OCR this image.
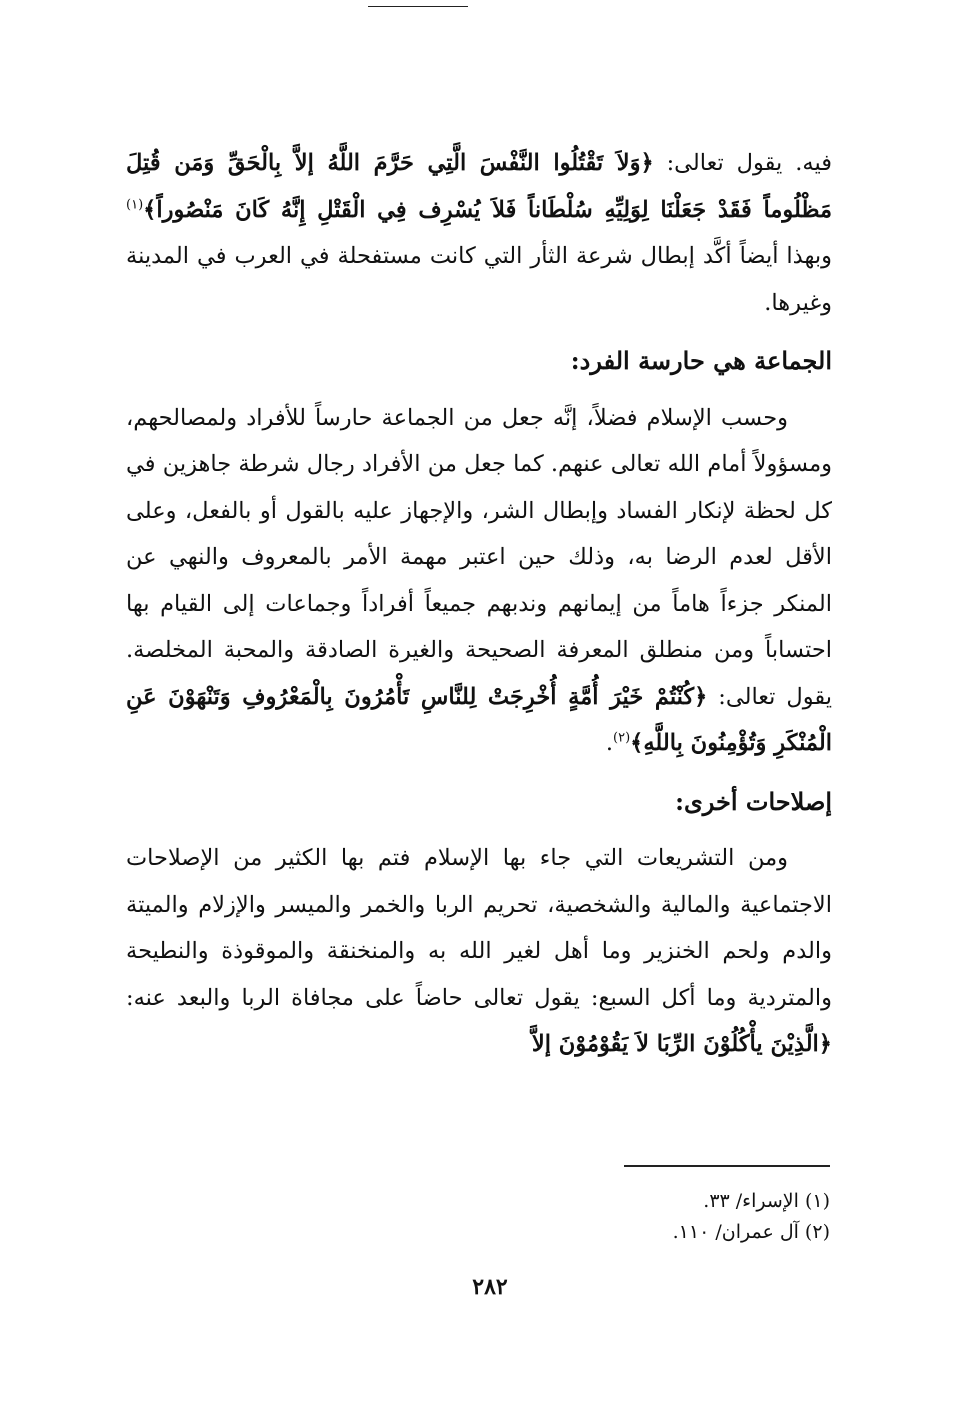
فيه. يقول تعالى: ﴿وَلاَ تَقْتُلُوا النَّفْسَ الَّتِي حَرَّمَ اللَّهُ إلاَّ بِالْحَقِّ وَمَن قُتِلَ مَظْلُوماً فَقَدْ جَعَلْنَا لِوَلِيِّهِ سُلْطَاناً فَلاَ يُسْرِف فِي الْقَتْلِ إِنَّهُ كَانَ مَنْصُوراً﴾$^{(١)}$ وبهذا أيضاً أكَّد إبطال شرعة الثأر التي كانت مستفحلة في العرب في المدينة وغيرها.

الجماعة هي حارسة الفرد:

وحسب الإسلام فضلاً، إنَّه جعل من الجماعة حارساً للأفراد ولمصالحهم، ومسؤولاً أمام الله تعالى عنهم. كما جعل من الأفراد رجال شرطة جاهزين في كل لحظة لإنكار الفساد وإبطال الشر، والإجهاز عليه بالقول أو بالفعل، وعلى الأقل لعدم الرضا به، وذلك حين اعتبر مهمة الأمر بالمعروف والنهي عن المنكر جزءاً هاماً من إيمانهم وندبهم جميعاً أفراداً وجماعات إلى القيام بها احتساباً ومن منطلق المعرفة الصحيحة والغيرة الصادقة والمحبة المخلصة. يقول تعالى: ﴿كُنْتُمْ خَيْرَ أُمَّةٍ أُخْرِجَتْ لِلنَّاسِ تَأْمُرُونَ بِالْمَعْرُوفِ وَتَنْهَوْنَ عَنِ الْمُنْكَرِ وَتُؤْمِنُونَ بِاللَّهِ﴾$^{(٢)}$.

إصلاحات أخرى:

ومن التشريعات التي جاء بها الإسلام فتم بها الكثير من الإصلاحات الاجتماعية والمالية والشخصية، تحريم الربا والخمر والميسر والإزلام والميتة والدم ولحم الخنزير وما أهل لغير الله به والمنخنقة والموقوذة والنطيحة والمتردية وما أكل السبع: يقول تعالى حاضاً على مجافاة الربا والبعد عنه: ﴿الَّذِيْنَ يأْكُلُوْنَ الرِّبَا لاَ يَقُوْمُوْنَ إلاَّ

(١) الإسراء/ ٣٣.
(٢) آل عمران/ ١١٠.
٢٨٢
